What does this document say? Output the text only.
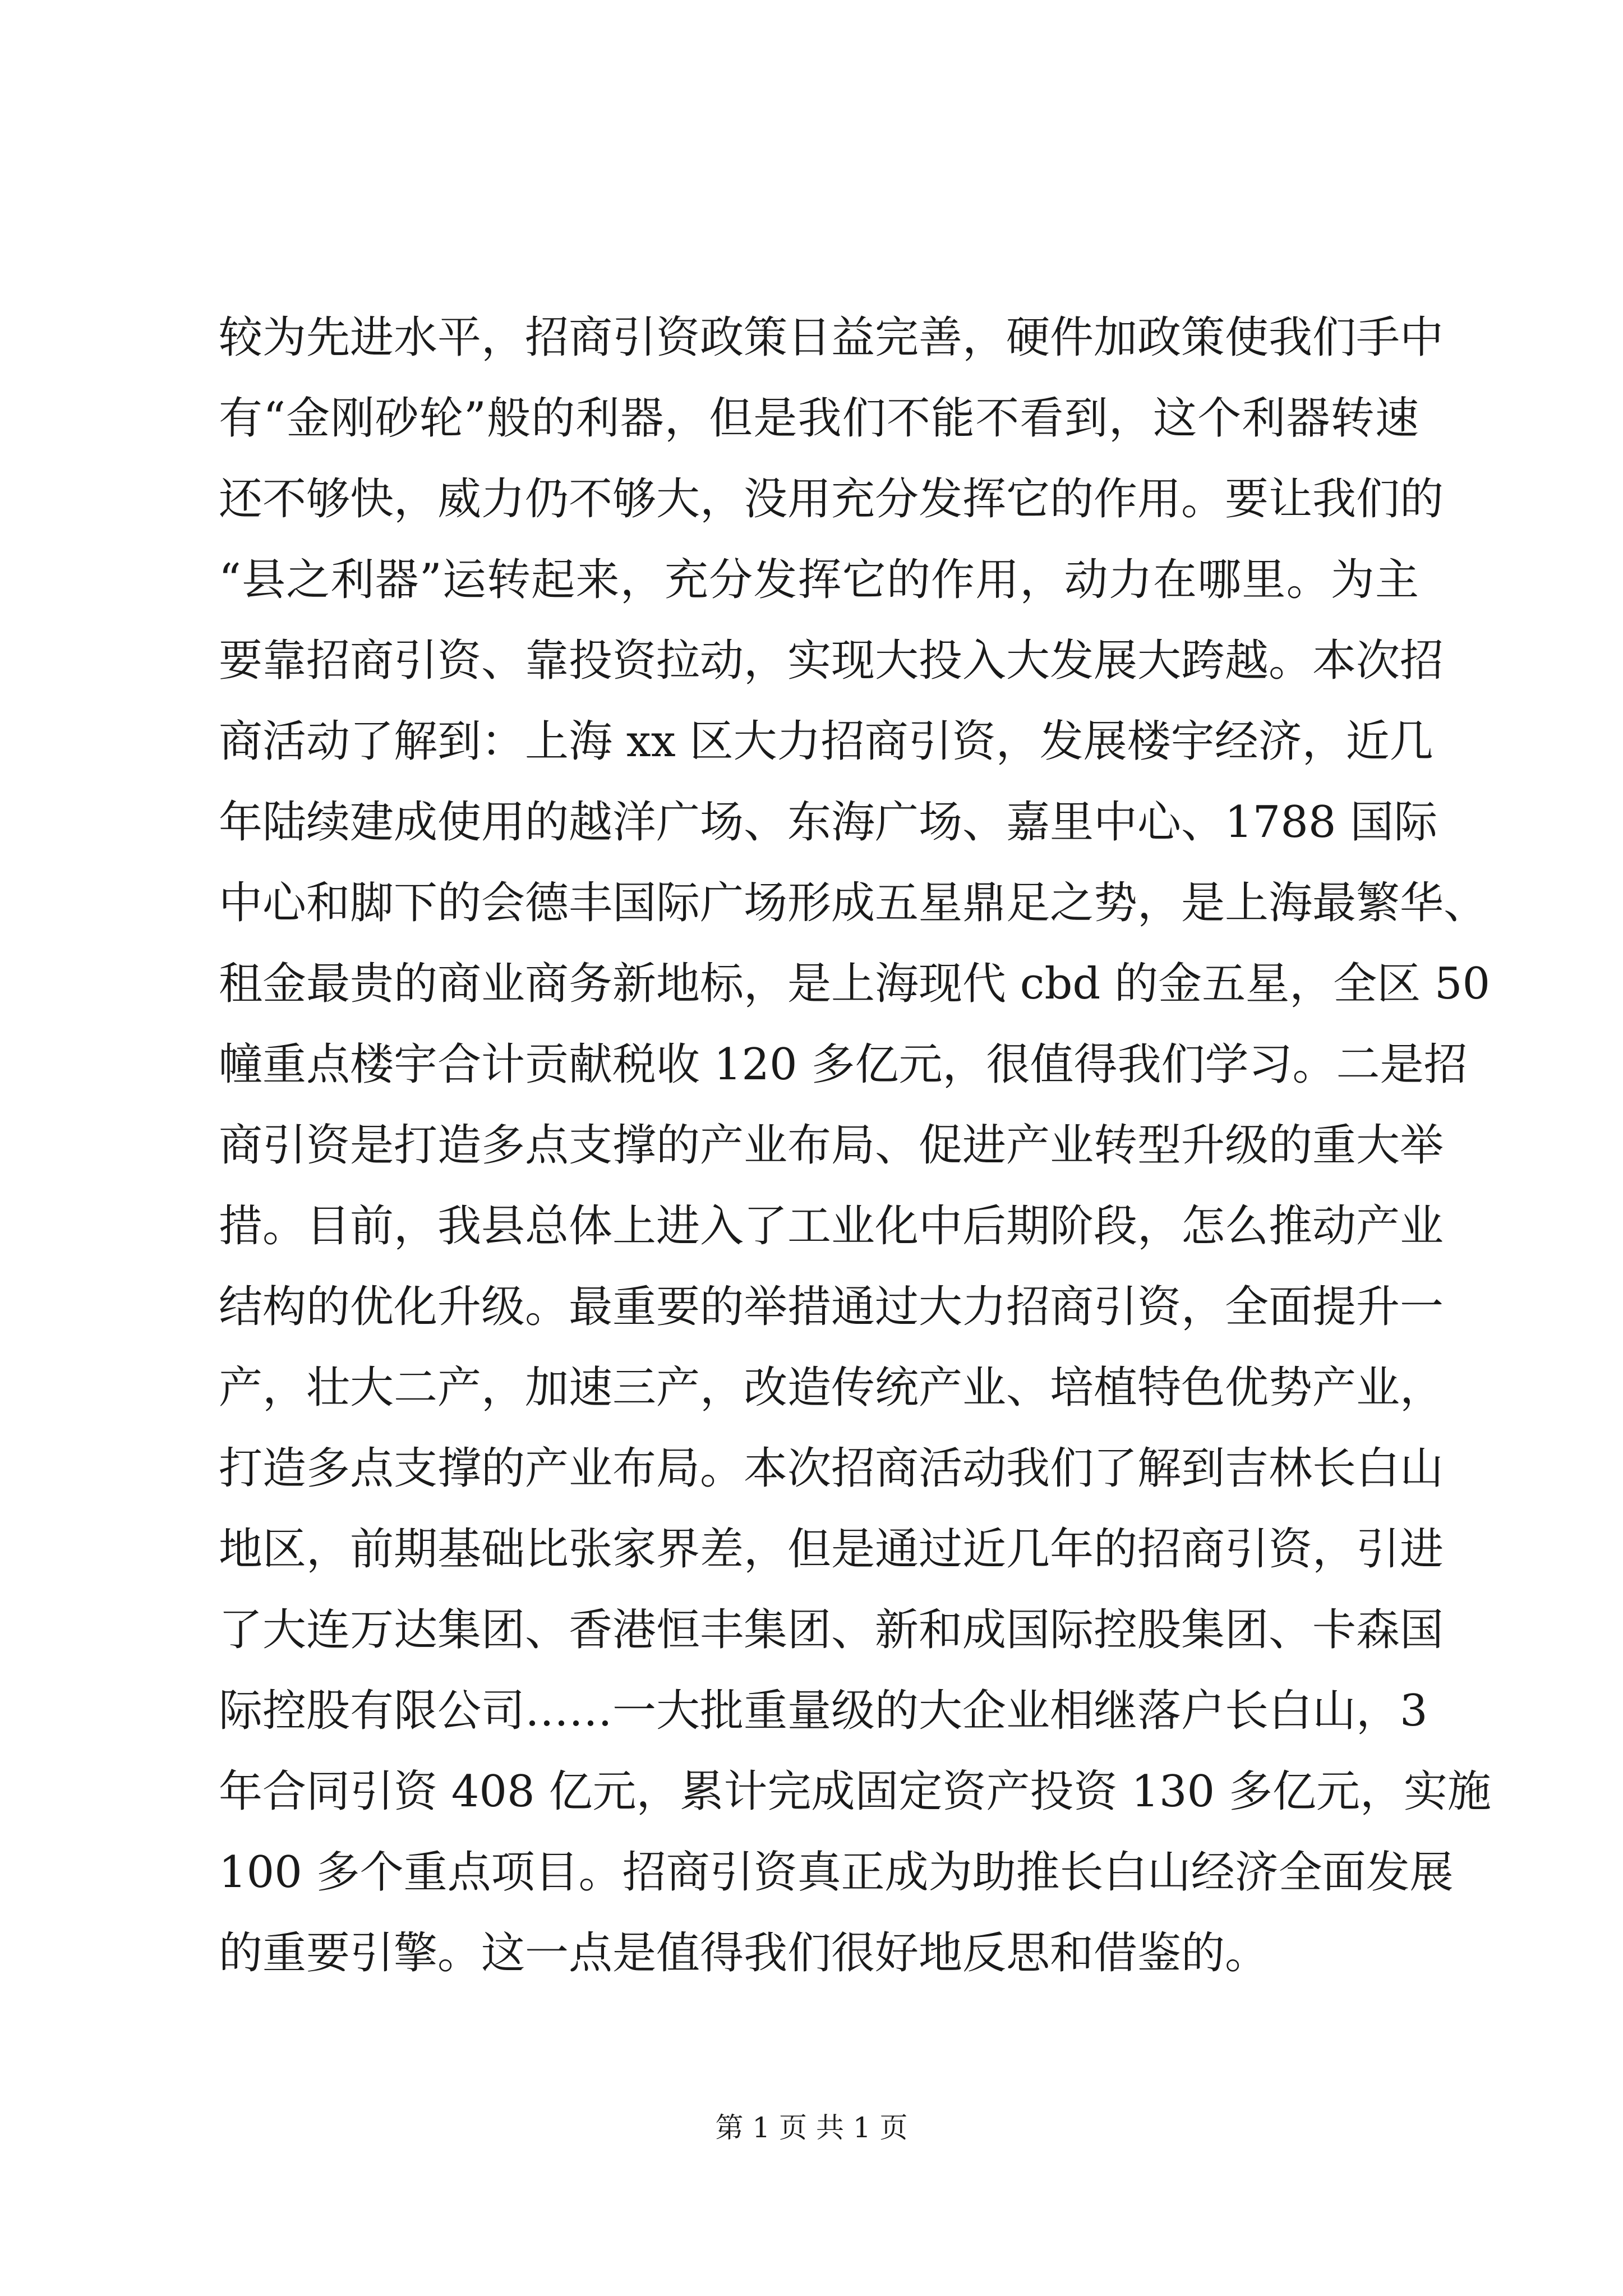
较为先进水平，招商引资政策日益完善，硬件加政策使我们手中
有“金刚砂轮”般的利器，但是我们不能不看到，这个利器转速
还不够快，威力仍不够大，没用充分发挥它的作用。要让我们的
“县之利器”运转起来，充分发挥它的作用，动力在哪里。为主
要靠招商引资、靠投资拉动，实现大投入大发展大跨越。本次招
商活动了解到：上海 xx 区大力招商引资，发展楼宇经济，近几
年陆续建成使用的越洋广场、东海广场、嘉里中心、1788 国际
中心和脚下的会德丰国际广场形成五星鼎足之势，是上海最繁华、
租金最贵的商业商务新地标，是上海现代 cbd 的金五星，全区 50
幢重点楼宇合计贡献税收 120 多亿元，很值得我们学习。二是招
商引资是打造多点支撑的产业布局、促进产业转型升级的重大举
措。目前，我县总体上进入了工业化中后期阶段，怎么推动产业
结构的优化升级。最重要的举措通过大力招商引资，全面提升一
产，壮大二产，加速三产，改造传统产业、培植特色优势产业，
打造多点支撑的产业布局。本次招商活动我们了解到吉林长白山
地区，前期基础比张家界差，但是通过近几年的招商引资，引进
了大连万达集团、香港恒丰集团、新和成国际控股集团、卡森国
际控股有限公司……一大批重量级的大企业相继落户长白山，3
年合同引资 408 亿元，累计完成固定资产投资 130 多亿元，实施
100 多个重点项目。招商引资真正成为助推长白山经济全面发展
的重要引擎。这一点是值得我们很好地反思和借鉴的。
第 1 页 共 1 页
